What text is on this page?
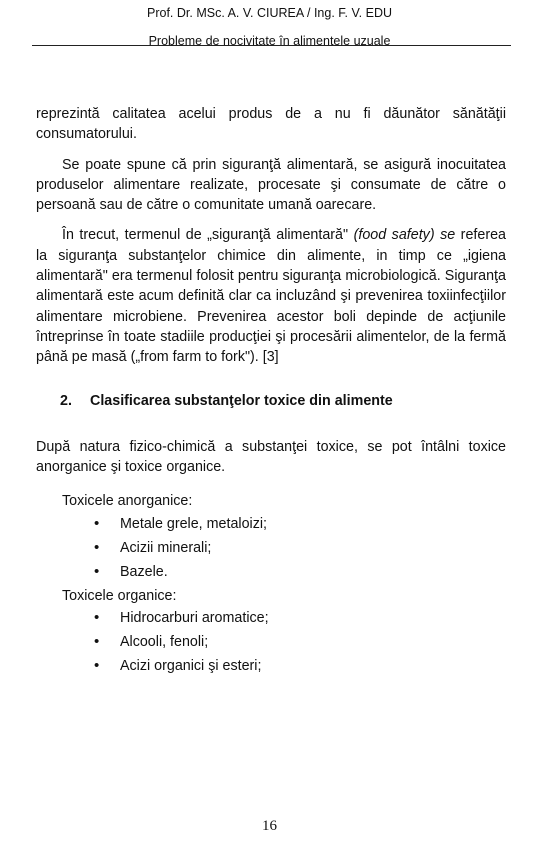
Prof. Dr. MSc. A. V. CIUREA / Ing. F. V. EDU
Probleme de nocivitate în alimentele uzuale

reprezintă calitatea acelui produs de a nu fi dăunător sănătăţii consumatorului.

Se poate spune că prin siguranţă alimentară, se asigură inocuitatea produselor alimentare realizate, procesate şi consumate de către o persoană sau de către o comunitate umană oarecare.

În trecut, termenul de „siguranţă alimentară" (food safety) se referea la siguranţa substanţelor chimice din alimente, in timp ce „igiena alimentară" era termenul folosit pentru siguranţa microbiologică. Siguranţa alimentară este acum definită clar ca incluzând şi prevenirea toxiinfecţiilor alimentare microbiene. Prevenirea acestor boli depinde de acţiunile întreprinse în toate stadiile producţiei şi procesării alimentelor, de la fermă până pe masă („from farm to fork"). [3]

2. Clasificarea substanţelor toxice din alimente

După natura fizico-chimică a substanţei toxice, se pot întâlni toxice anorganice şi toxice organice.

Toxicele anorganice:
• Metale grele, metaloizi;
• Acizii minerali;
• Bazele.
Toxicele organice:
• Hidrocarburi aromatice;
• Alcooli, fenoli;
• Acizi organici şi esteri;
16
